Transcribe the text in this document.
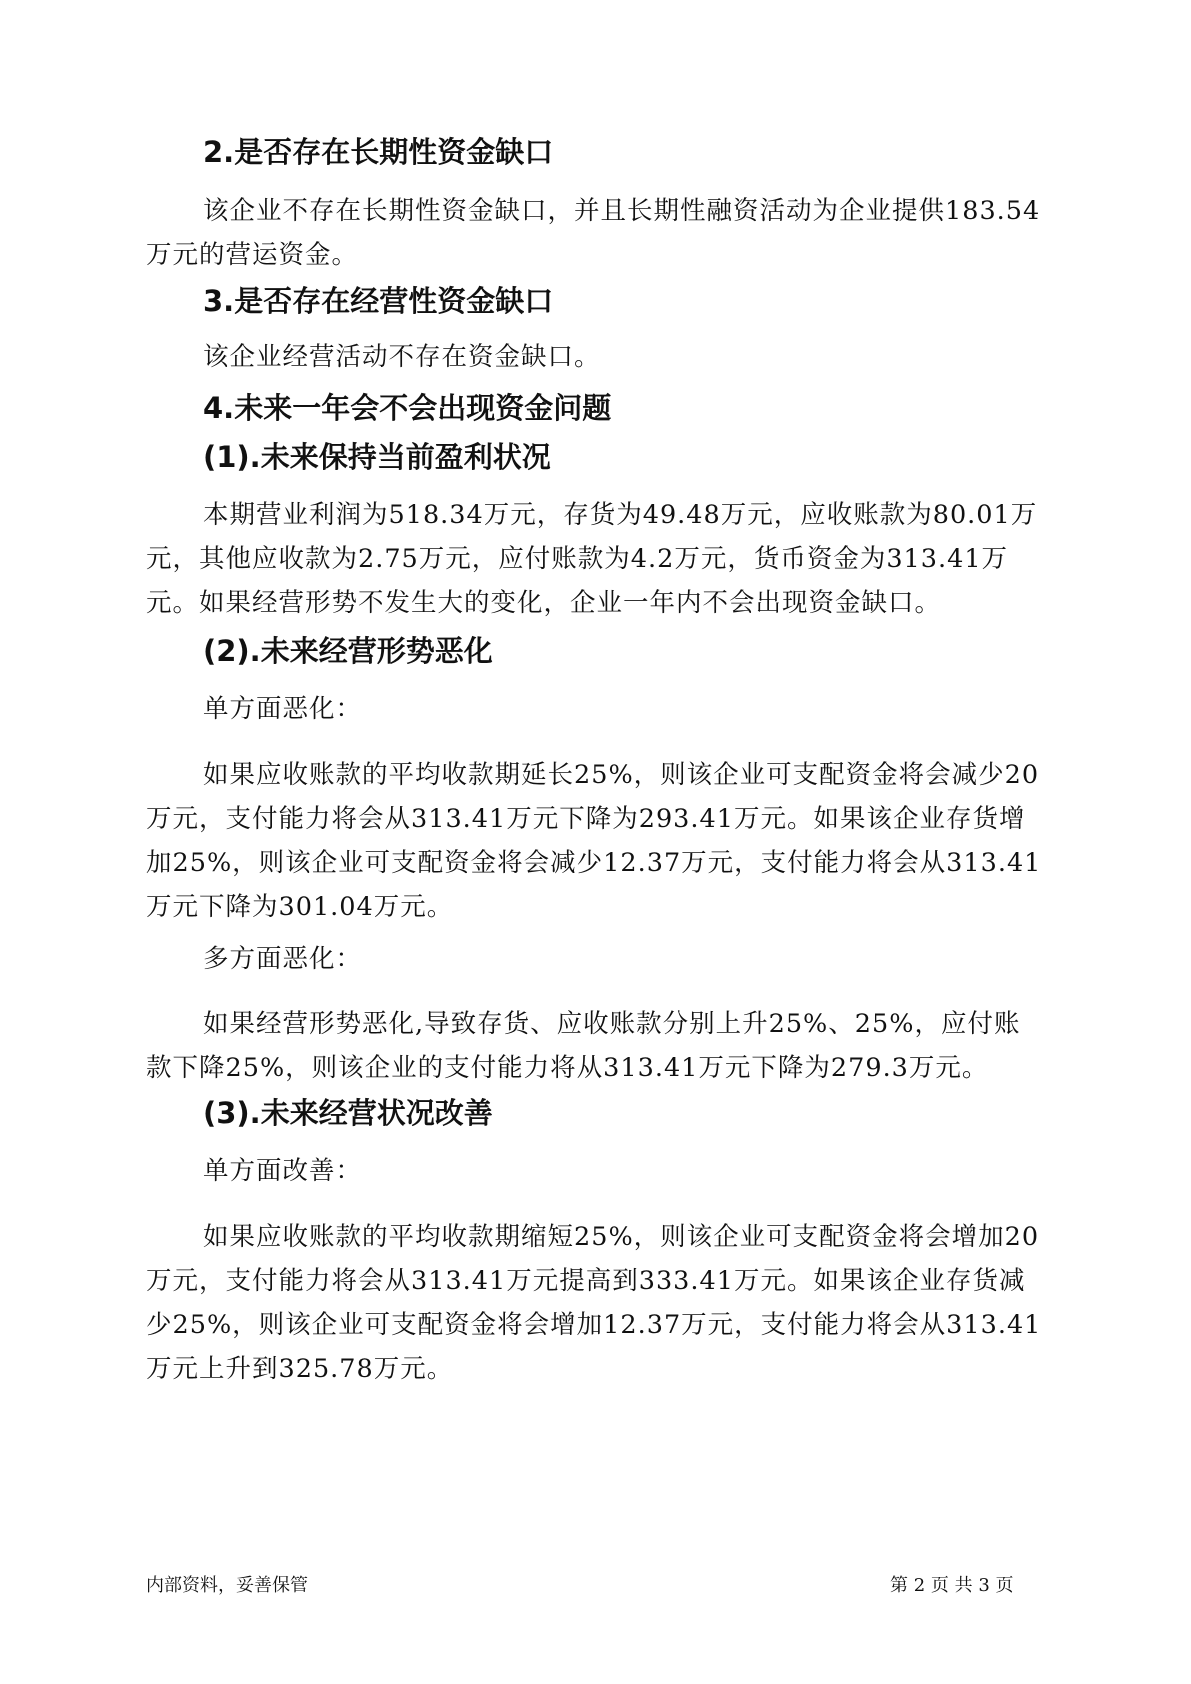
2.是否存在长期性资金缺口

该企业不存在长期性资金缺口，并且长期性融资活动为企业提供183.54万元的营运资金。

3.是否存在经营性资金缺口

该企业经营活动不存在资金缺口。

4.未来一年会不会出现资金问题
(1).未来保持当前盈利状况

本期营业利润为518.34万元，存货为49.48万元，应收账款为80.01万元，其他应收款为2.75万元，应付账款为4.2万元，货币资金为313.41万元。如果经营形势不发生大的变化，企业一年内不会出现资金缺口。

(2).未来经营形势恶化

单方面恶化：

如果应收账款的平均收款期延长25%，则该企业可支配资金将会减少20万元，支付能力将会从313.41万元下降为293.41万元。如果该企业存货增加25%，则该企业可支配资金将会减少12.37万元，支付能力将会从313.41万元下降为301.04万元。

多方面恶化：

如果经营形势恶化,导致存货、应收账款分别上升25%、25%，应付账款下降25%，则该企业的支付能力将从313.41万元下降为279.3万元。

(3).未来经营状况改善

单方面改善：

如果应收账款的平均收款期缩短25%，则该企业可支配资金将会增加20万元，支付能力将会从313.41万元提高到333.41万元。如果该企业存货减少25%，则该企业可支配资金将会增加12.37万元，支付能力将会从313.41万元上升到325.78万元。

内部资料，妥善保管	第 2 页 共 3 页
